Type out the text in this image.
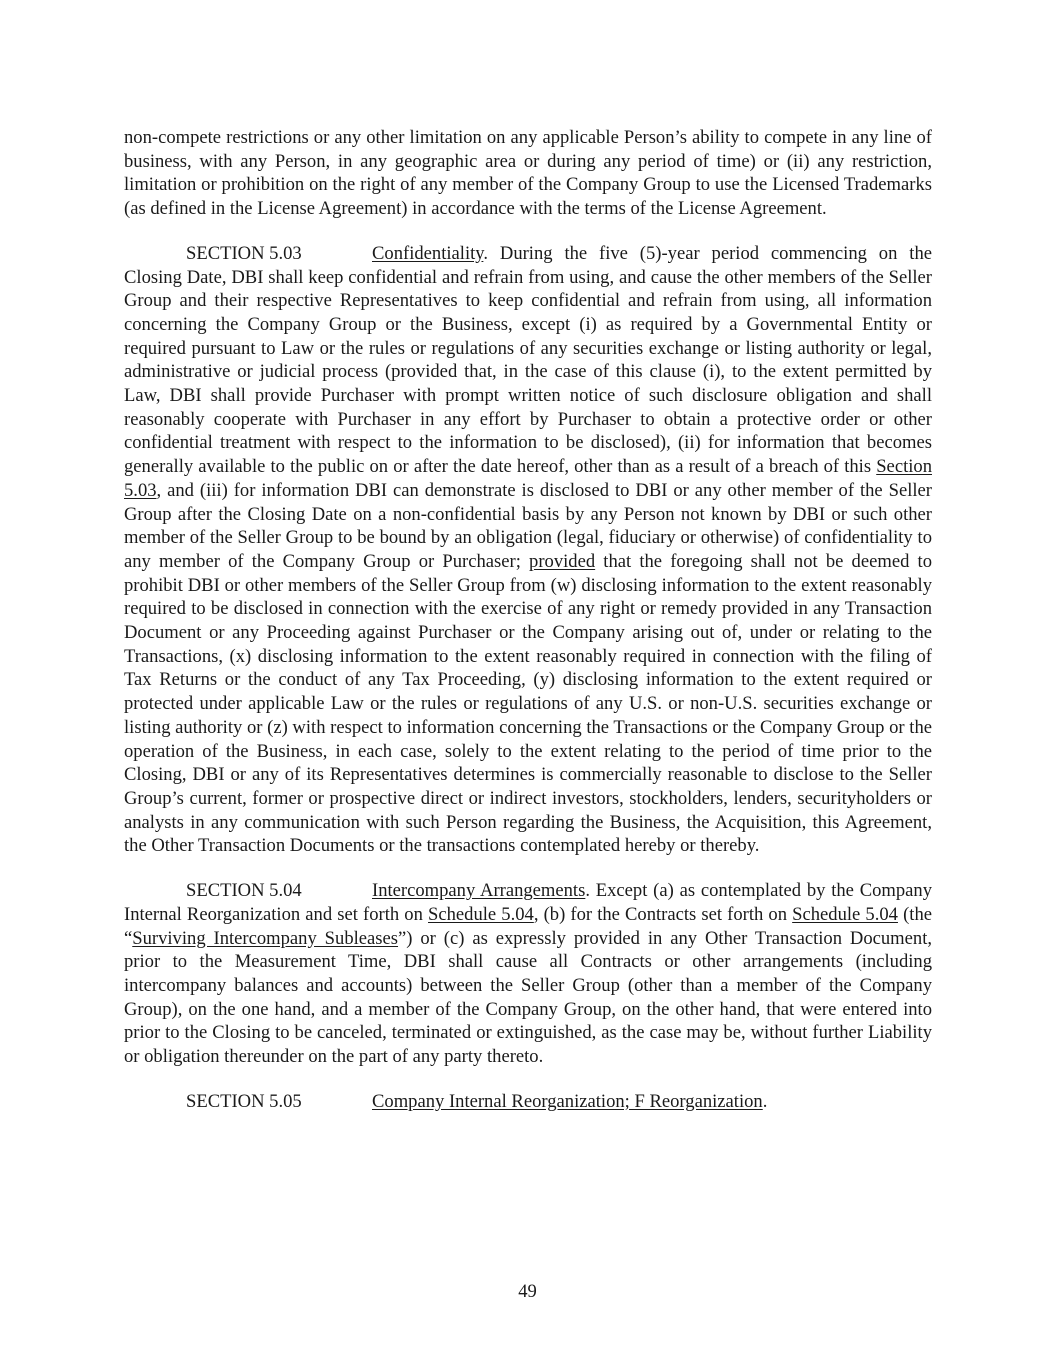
non-compete restrictions or any other limitation on any applicable Person’s ability to compete in any line of business, with any Person, in any geographic area or during any period of time) or (ii) any restriction, limitation or prohibition on the right of any member of the Company Group to use the Licensed Trademarks (as defined in the License Agreement) in accordance with the terms of the License Agreement.

SECTION 5.03	Confidentiality. During the five (5)-year period commencing on the Closing Date, DBI shall keep confidential and refrain from using, and cause the other members of the Seller Group and their respective Representatives to keep confidential and refrain from using, all information concerning the Company Group or the Business, except (i) as required by a Governmental Entity or required pursuant to Law or the rules or regulations of any securities exchange or listing authority or legal, administrative or judicial process (provided that, in the case of this clause (i), to the extent permitted by Law, DBI shall provide Purchaser with prompt written notice of such disclosure obligation and shall reasonably cooperate with Purchaser in any effort by Purchaser to obtain a protective order or other confidential treatment with respect to the information to be disclosed), (ii) for information that becomes generally available to the public on or after the date hereof, other than as a result of a breach of this Section 5.03, and (iii) for information DBI can demonstrate is disclosed to DBI or any other member of the Seller Group after the Closing Date on a non-confidential basis by any Person not known by DBI or such other member of the Seller Group to be bound by an obligation (legal, fiduciary or otherwise) of confidentiality to any member of the Company Group or Purchaser; provided that the foregoing shall not be deemed to prohibit DBI or other members of the Seller Group from (w) disclosing information to the extent reasonably required to be disclosed in connection with the exercise of any right or remedy provided in any Transaction Document or any Proceeding against Purchaser or the Company arising out of, under or relating to the Transactions, (x) disclosing information to the extent reasonably required in connection with the filing of Tax Returns or the conduct of any Tax Proceeding, (y) disclosing information to the extent required or protected under applicable Law or the rules or regulations of any U.S. or non-U.S. securities exchange or listing authority or (z) with respect to information concerning the Transactions or the Company Group or the operation of the Business, in each case, solely to the extent relating to the period of time prior to the Closing, DBI or any of its Representatives determines is commercially reasonable to disclose to the Seller Group’s current, former or prospective direct or indirect investors, stockholders, lenders, securityholders or analysts in any communication with such Person regarding the Business, the Acquisition, this Agreement, the Other Transaction Documents or the transactions contemplated hereby or thereby.

SECTION 5.04	Intercompany Arrangements. Except (a) as contemplated by the Company Internal Reorganization and set forth on Schedule 5.04, (b) for the Contracts set forth on Schedule 5.04 (the “Surviving Intercompany Subleases”) or (c) as expressly provided in any Other Transaction Document, prior to the Measurement Time, DBI shall cause all Contracts or other arrangements (including intercompany balances and accounts) between the Seller Group (other than a member of the Company Group), on the one hand, and a member of the Company Group, on the other hand, that were entered into prior to the Closing to be canceled, terminated or extinguished, as the case may be, without further Liability or obligation thereunder on the part of any party thereto.

SECTION 5.05	Company Internal Reorganization; F Reorganization.

49
